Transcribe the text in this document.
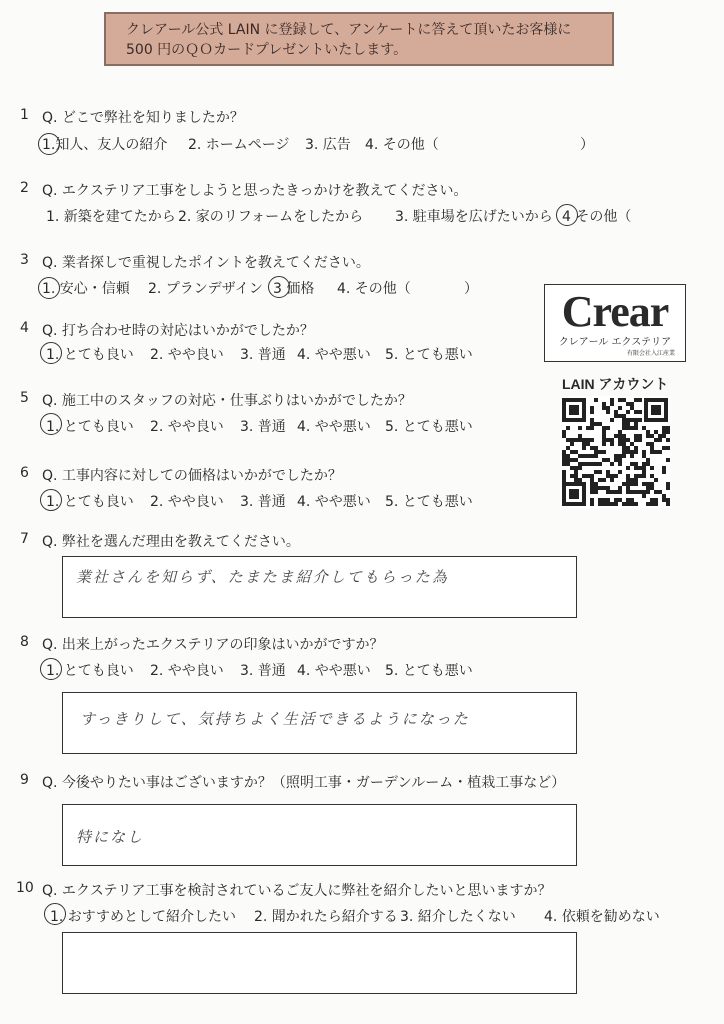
クレアール公式 LAIN に登録して、アンケートに答えて頂いたお客様に
500 円のＱＯカードプレゼントいたします。
1 Q. どこで弊社を知りましたか？
1.知人、友人の紹介 2. ホームページ 3. 広告 4. その他（	）
2 Q. エクステリア工事をしようと思ったきっかけを教えてください。
1. 新築を建てたから 2. 家のリフォームをしたから 3. 駐車場を広げたいから 4 その他（
3 Q. 業者探しで重視したポイントを教えてください。
1. 安心・信頼 2. プランデザイン 3 価格 4. その他（	）
4 Q. 打ち合わせ時の対応はいかがでしたか？
1. とても良い 2. やや良い 3. 普通 4. やや悪い 5. とても悪い
5 Q. 施工中のスタッフの対応・仕事ぶりはいかがでしたか？
1. とても良い 2. やや良い 3. 普通 4. やや悪い 5. とても悪い
6 Q. 工事内容に対しての価格はいかがでしたか？
1. とても良い 2. やや良い 3. 普通 4. やや悪い 5. とても悪い
7 Q. 弊社を選んだ理由を教えてください。
業社さんを知らず、たまたま紹介してもらった為
8 Q. 出来上がったエクステリアの印象はいかがですか？
1. とても良い 2. やや良い 3. 普通 4. やや悪い 5. とても悪い
すっきりして、気持ちよく生活できるようになった
9 Q. 今後やりたい事はございますか？（照明工事・ガーデンルーム・植栽工事など）
特になし
10 Q. エクステリア工事を検討されているご友人に弊社を紹介したいと思いますか？
1. おすすめとして紹介したい 2. 聞かれたら紹介する 3. 紹介したくない 4. 依頼を勧めない
Crear
クレアール エクステリア
有限会社入江産業
LAIN アカウント
